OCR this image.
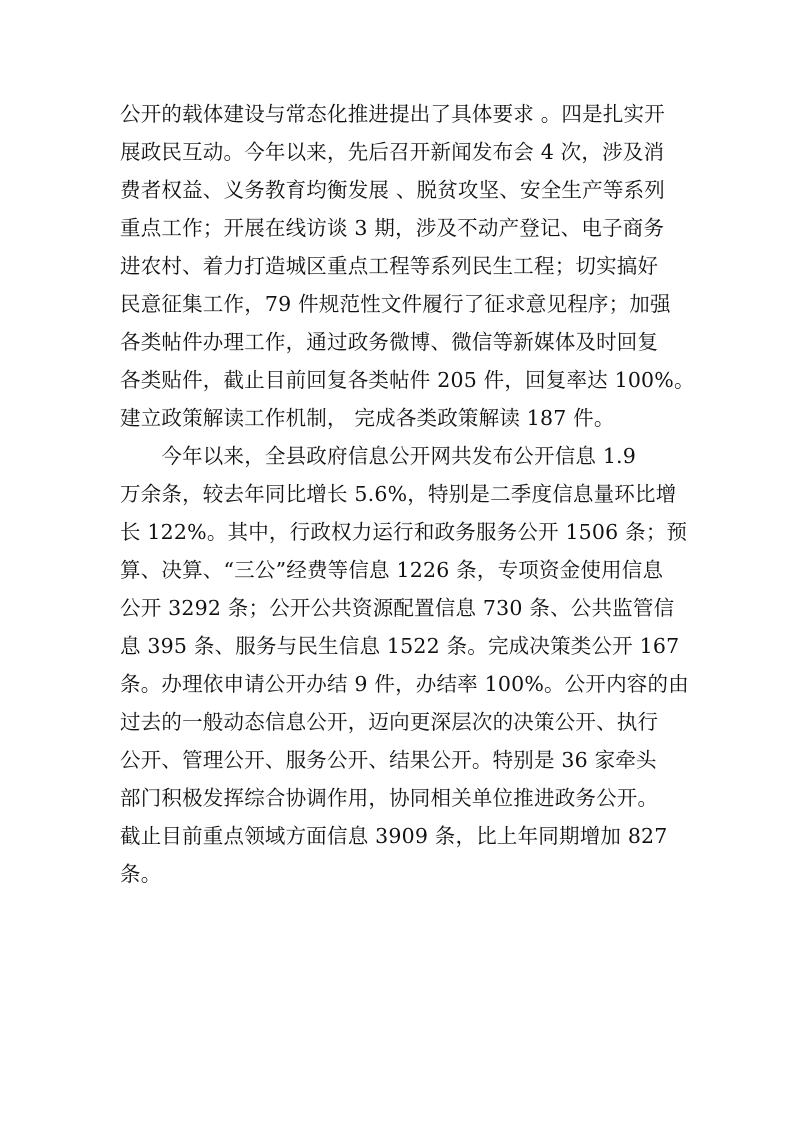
公开的载体建设与常态化推进提出了具体要求 。四是扎实开
展政民互动。今年以来，先后召开新闻发布会 4 次，涉及消
费者权益、义务教育均衡发展 、脱贫攻坚、安全生产等系列
重点工作；开展在线访谈 3 期，涉及不动产登记、电子商务
进农村、着力打造城区重点工程等系列民生工程；切实搞好
民意征集工作，79 件规范性文件履行了征求意见程序；加强
各类帖件办理工作，通过政务微博、微信等新媒体及时回复
各类贴件，截止目前回复各类帖件 205 件，回复率达 100%。
建立政策解读工作机制， 完成各类政策解读 187 件。
　　今年以来，全县政府信息公开网共发布公开信息 1.9
万余条，较去年同比增长 5.6%，特别是二季度信息量环比增
长 122%。其中，行政权力运行和政务服务公开 1506 条；预
算、决算、“三公”经费等信息 1226 条，专项资金使用信息
公开 3292 条；公开公共资源配置信息 730 条、公共监管信
息 395 条、服务与民生信息 1522 条。完成决策类公开 167
条。办理依申请公开办结 9 件，办结率 100%。公开内容的由
过去的一般动态信息公开，迈向更深层次的决策公开、执行
公开、管理公开、服务公开、结果公开。特别是 36 家牵头
部门积极发挥综合协调作用，协同相关单位推进政务公开。
截止目前重点领域方面信息 3909 条，比上年同期增加 827
条。
